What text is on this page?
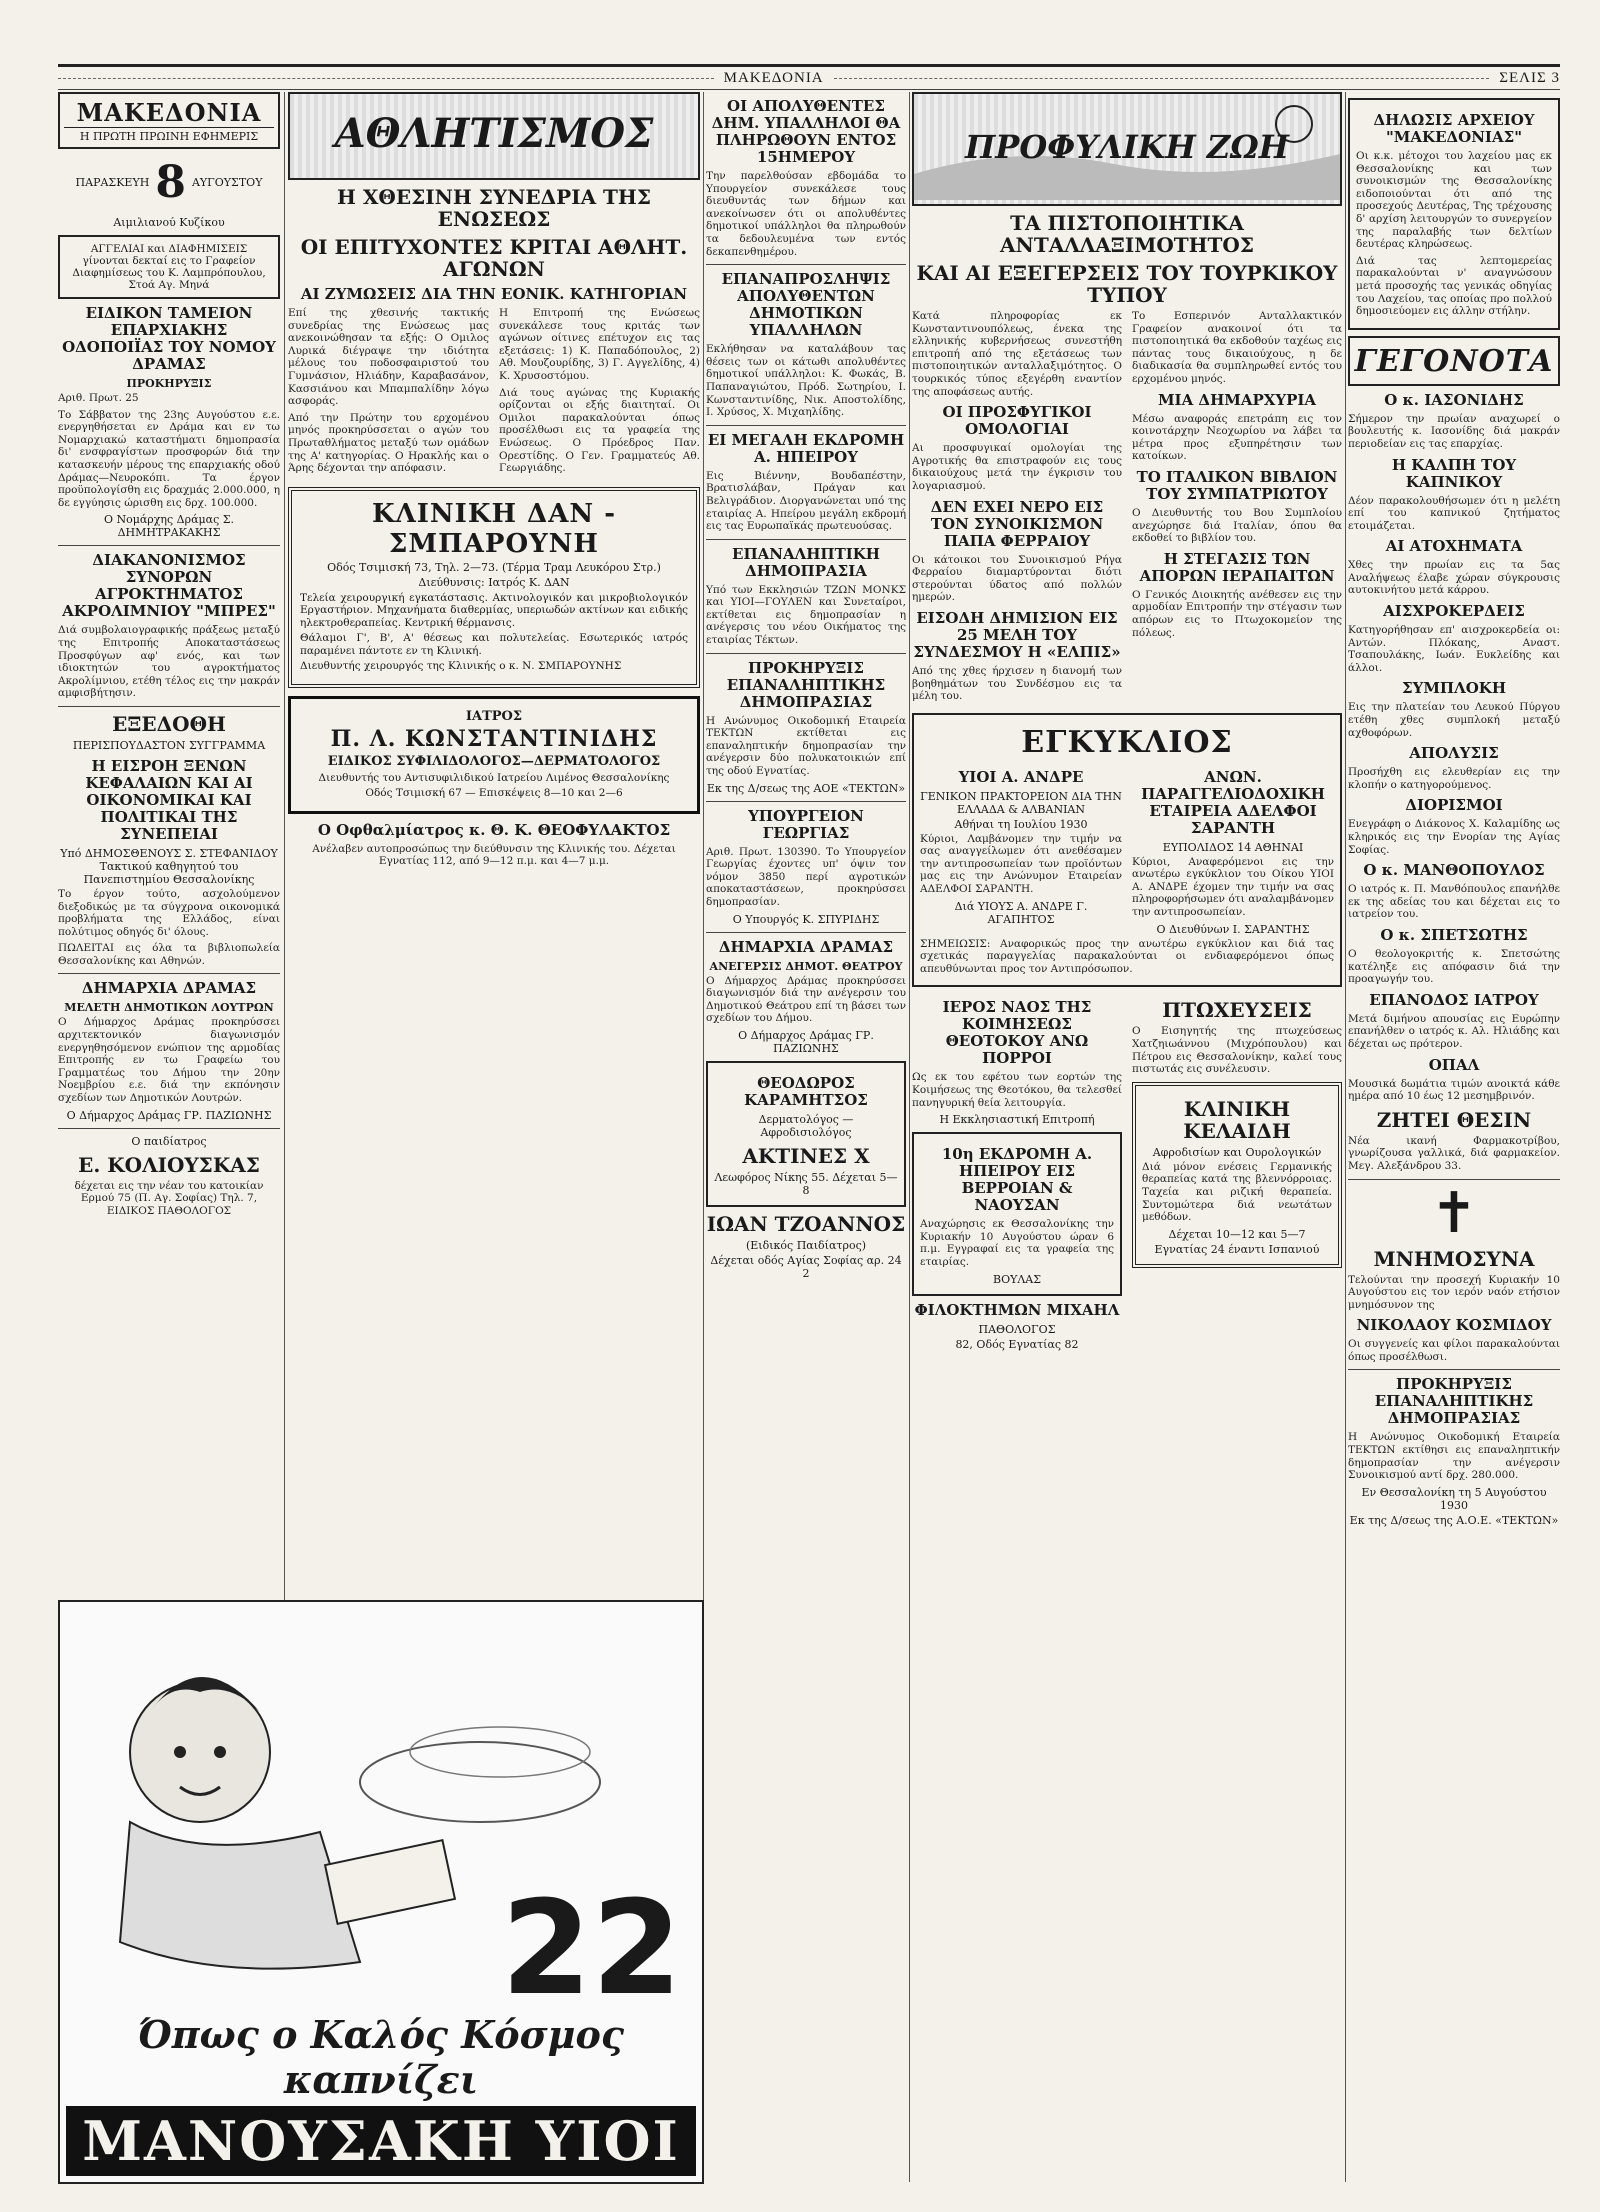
ΜΑΚΕΔΟΝΙΑ	ΣΕΛΙΣ 3
ΜΑΚΕΔΟΝΙΑ
Η ΠΡΩΤΗ ΠΡΩΙΝΗ ΕΦΗΜΕΡΙΣ
ΠΑΡΑΣΚΕΥΗ 8 ΑΥΓΟΥΣΤΟΥ
Αιμιλιανού Κυζίκου
ΑΓΓΕΛΙΑΙ και ΔΙΑΦΗΜΙΣΕΙΣ γίνονται δεκταί εις το Γραφείον Διαφημίσεως του Κ. Λαμπρόπουλου, Στοά Αγ. Μηνά
ΕΙΔΙΚΟΝ ΤΑΜΕΙΟΝ ΕΠΑΡΧΙΑΚΗΣ ΟΔΟΠΟΙΪΑΣ ΤΟΥ ΝΟΜΟΥ ΔΡΑΜΑΣ
ΠΡΟΚΗΡΥΞΙΣ

Αριθ. Πρωτ. 25

Το Σάββατον της 23ης Αυγούστου ε.ε. ενεργηθήσεται εν Δράμα και εν τω Νομαρχιακώ καταστήματι δημοπρασία δι' ενσφραγίστων προσφορών διά την κατασκευήν μέρους της επαρχιακής οδού Δράμας—Νευροκόπι. Τα έργον προϋπολογίσθη εις δραχμάς 2.000.000, η δε εγγύησις ώρισθη εις δρχ. 100.000.

Ο Νομάρχης Δράμας Σ. ΔΗΜΗΤΡΑΚΑΚΗΣ
ΔΙΑΚΑΝΟΝΙΣΜΟΣ ΣΥΝΟΡΩΝ ΑΓΡΟΚΤΗΜΑΤΟΣ ΑΚΡΟΛΙΜΝΙΟΥ "ΜΠΡΕΣ"

Διά συμβολαιογραφικής πράξεως μεταξύ της Επιτροπής Αποκαταστάσεως Προσφύγων αφ' ενός, και των ιδιοκτητών του αγροκτήματος Ακρολίμνιου, ετέθη τέλος εις την μακράν αμφισβήτησιν.

ΕΞΕΔΟΘΗ
ΠΕΡΙΣΠΟΥΔΑΣΤΟΝ ΣΥΓΓΡΑΜΜΑ
Η ΕΙΣΡΟΗ ΞΕΝΩΝ ΚΕΦΑΛΑΙΩΝ ΚΑΙ ΑΙ ΟΙΚΟΝΟΜΙΚΑΙ ΚΑΙ ΠΟΛΙΤΙΚΑΙ ΤΗΣ ΣΥΝΕΠΕΙΑΙ
Υπό ΔΗΜΟΣΘΕΝΟΥΣ Σ. ΣΤΕΦΑΝΙΔΟΥ Τακτικού καθηγητού του Πανεπιστημίου Θεσσαλονίκης

Το έργον τούτο, ασχολούμενον διεξοδικώς με τα σύγχρονα οικονομικά προβλήματα της Ελλάδος, είναι πολύτιμος οδηγός δι' όλους.

ΠΩΛΕΙΤΑΙ εις όλα τα βιβλιοπωλεία Θεσσαλονίκης και Αθηνών.

ΔΗΜΑΡΧΙΑ ΔΡΑΜΑΣ
ΜΕΛΕΤΗ ΔΗΜΟΤΙΚΩΝ ΛΟΥΤΡΩΝ

Ο Δήμαρχος Δράμας προκηρύσσει αρχιτεκτονικόν διαγωνισμόν ενεργηθησόμενον ενώπιον της αρμοδίας Επιτροπής εν τω Γραφείω του Γραμματέως του Δήμου την 20ην Νοεμβρίου ε.ε. διά την εκπόνησιν σχεδίων των Δημοτικών Λουτρών.

Ο Δήμαρχος Δράμας ΓΡ. ΠΑΖΙΩΝΗΣ
Ο παιδίατρος
Ε. ΚΟΛΙΟΥΣΚΑΣ

δέχεται εις την νέαν του κατοικίαν Ερμού 75 (Π. Αγ. Σοφίας) Τηλ. 7, ΕΙΔΙΚΟΣ ΠΑΘΟΛΟΓΟΣ

ΑΘΛΗΤΙΣΜΟΣ
Η ΧΘΕΣΙΝΗ ΣΥΝΕΔΡΙΑ ΤΗΣ ΕΝΩΣΕΩΣ
ΟΙ ΕΠΙΤΥΧΟΝΤΕΣ ΚΡΙΤΑΙ ΑΘΛΗΤ. ΑΓΩΝΩΝ
ΑΙ ΖΥΜΩΣΕΙΣ ΔΙΑ ΤΗΝ ΕΟΝΙΚ. ΚΑΤΗΓΟΡΙΑΝ

Επί της χθεσινής τακτικής συνεδρίας της Ενώσεως μας ανεκοινώθησαν τα εξής: Ο Ομιλος Λυρικά διέγραψε την ιδιότητα μέλους του ποδοσφαιριστού του Γυμνάσιον, Ηλιάδην, Καραβασάνον, Κασσιάνου και Μπαμπαλίδην λόγω ασφοράς.

Από την Πρώτην του ερχομένου μηνός προκηρύσσεται ο αγών του Πρωταθλήματος μεταξύ των ομάδων της Α' κατηγορίας. Ο Ηρακλής και ο Άρης δέχονται την απόφασιν.

Η Επιτροπή της Ενώσεως συνεκάλεσε τους κριτάς των αγώνων οίτινες επέτυχον εις τας εξετάσεις: 1) Κ. Παπαδόπουλος, 2) Αθ. Μουζουρίδης, 3) Γ. Αγγελίδης, 4) Κ. Χρυσοστόμου.

Διά τους αγώνας της Κυριακής ορίζονται οι εξής διαιτηταί. Οι Ομιλοι παρακαλούνται όπως προσέλθωσι εις τα γραφεία της Ενώσεως. Ο Πρόεδρος Παν. Ορεστίδης. Ο Γεν. Γραμματεύς Αθ. Γεωργιάδης.

ΚΛΙΝΙΚΗ ΔΑΝ - ΣΜΠΑΡΟΥΝΗ
Οδός Τσιμισκή 73, Τηλ. 2—73. (Τέρμα Τραμ Λευκόρου Στρ.)
Διεύθυνσις: Ιατρός Κ. ΔΑΝ

Τελεία χειρουργική εγκατάστασις. Ακτινολογικόν και μικροβιολογικόν Εργαστήριον. Μηχανήματα διαθερμίας, υπεριωδών ακτίνων και ειδικής ηλεκτροθεραπείας. Κεντρική θέρμανσις.

Θάλαμοι Γ', Β', Α' θέσεως και πολυτελείας. Εσωτερικός ιατρός παραμένει πάντοτε εν τη Κλινική.

Διευθυντής χειρουργός της Κλινικής ο κ. Ν. ΣΜΠΑΡΟΥΝΗΣ

ΙΑΤΡΟΣ
Π. Λ. ΚΩΝΣΤΑΝΤΙΝΙΔΗΣ
ΕΙΔΙΚΟΣ ΣΥΦΙΛΙΔΟΛΟΓΟΣ—ΔΕΡΜΑΤΟΛΟΓΟΣ

Διευθυντής του Αντισυφιλιδικού Ιατρείου Λιμένος Θεσσαλονίκης

Οδός Τσιμισκή 67 — Επισκέψεις 8—10 και 2—6

Ο Οφθαλμίατρος κ. Θ. Κ. ΘΕΟΦΥΛΑΚΤΟΣ

Ανέλαβεν αυτοπροσώπως την διεύθυνσιν της Κλινικής του. Δέχεται Εγνατίας 112, από 9—12 π.μ. και 4—7 μ.μ.

22
Όπως ο Καλός Κόσμος καπνίζει
ΜΑΝΟΥΣΑΚΗ ΥΙΟΙ
ΟΙ ΑΠΟΛΥΘΕΝΤΕΣ ΔΗΜ. ΥΠΑΛΛΗΛΟΙ ΘΑ ΠΛΗΡΩΘΟΥΝ ΕΝΤΟΣ 15ΗΜΕΡΟΥ

Την παρελθούσαν εβδομάδα το Υπουργείον συνεκάλεσε τους διευθυντάς των δήμων και ανεκοίνωσεν ότι οι απολυθέντες δημοτικοί υπάλληλοι θα πληρωθούν τα δεδουλευμένα των εντός δεκαπενθημέρου.

ΕΠΑΝΑΠΡΟΣΛΗΨΙΣ ΑΠΟΛΥΘΕΝΤΩΝ ΔΗΜΟΤΙΚΩΝ ΥΠΑΛΛΗΛΩΝ

Εκλήθησαν να καταλάβουν τας θέσεις των οι κάτωθι απολυθέντες δημοτικοί υπάλληλοι: Κ. Φωκάς, Β. Παπαναγιώτου, Πρόδ. Σωτηρίου, Ι. Κωνσταντινίδης, Νικ. Αποστολίδης, Ι. Χρύσος, Χ. Μιχαηλίδης.

ΕΙ ΜΕΓΑΛΗ ΕΚΔΡΟΜΗ Α. ΗΠΕΙΡΟΥ

Εις Βιέννην, Βουδαπέστην, Βρατισλάβαν, Πράγαν και Βελιγράδιον. Διοργανώνεται υπό της εταιρίας Α. Ηπείρου μεγάλη εκδρομή εις τας Ευρωπαϊκάς πρωτευούσας.

ΕΠΑΝΑΛΗΠΤΙΚΗ ΔΗΜΟΠΡΑΣΙΑ

Υπό των Εκκλησιών ΤΖΩΝ ΜΟΝΚΣ και ΥΙΟΙ—ΓΟΥΛΕΝ και Συνεταίροι, εκτίθεται εις δημοπρασίαν η ανέγερσις του νέου Οικήματος της εταιρίας Τέκτων.

ΠΡΟΚΗΡΥΞΙΣ ΕΠΑΝΑΛΗΠΤΙΚΗΣ ΔΗΜΟΠΡΑΣΙΑΣ

Η Ανώνυμος Οικοδομική Εταιρεία ΤΕΚΤΩΝ εκτίθεται εις επαναληπτικήν δημοπρασίαν την ανέγερσιν δύο πολυκατοικιών επί της οδού Εγνατίας.

Εκ της Δ/σεως της ΑΟΕ «ΤΕΚΤΩΝ»
ΥΠΟΥΡΓΕΙΟΝ ΓΕΩΡΓΙΑΣ

Αριθ. Πρωτ. 130390. Το Υπουργείον Γεωργίας έχοντες υπ' όψιν τον νόμον 3850 περί αγροτικών αποκαταστάσεων, προκηρύσσει δημοπρασίαν.

Ο Υπουργός Κ. ΣΠΥΡΙΔΗΣ
ΔΗΜΑΡΧΙΑ ΔΡΑΜΑΣ
ΑΝΕΓΕΡΣΙΣ ΔΗΜΟΤ. ΘΕΑΤΡΟΥ

Ο Δήμαρχος Δράμας προκηρύσσει διαγωνισμόν διά την ανέγερσιν του Δημοτικού Θεάτρου επί τη βάσει των σχεδίων του Δήμου.

Ο Δήμαρχος Δράμας ΓΡ. ΠΑΖΙΩΝΗΣ
ΘΕΟΔΩΡΟΣ ΚΑΡΑΜΗΤΣΟΣ
Δερματολόγος — Αφροδισιολόγος
ΑΚΤΙΝΕΣ Χ
Λεωφόρος Νίκης 55. Δέχεται 5—8
ΙΩΑΝ ΤΖΟΑΝΝΟΣ
(Ειδικός Παιδίατρος)
Δέχεται οδός Αγίας Σοφίας αρ. 24 2
ΠΡΟΦΥΛΙΚΗ ΖΩΗ
ΤΑ ΠΙΣΤΟΠΟΙΗΤΙΚΑ ΑΝΤΑΛΛΑΞΙΜΟΤΗΤΟΣ
ΚΑΙ ΑΙ ΕΞΕΓΕΡΣΕΙΣ ΤΟΥ ΤΟΥΡΚΙΚΟΥ ΤΥΠΟΥ

Κατά πληροφορίας εκ Κωνσταντινουπόλεως, ένεκα της ελληνικής κυβερνήσεως συνεστήθη επιτροπή από της εξετάσεως των πιστοποιητικών ανταλλαξιμότητος. Ο τουρκικός τύπος εξεγέρθη εναντίον της αποφάσεως αυτής.

ΟΙ ΠΡΟΣΦΥΓΙΚΟΙ ΟΜΟΛΟΓΙΑΙ

Αι προσφυγικαί ομολογίαι της Αγροτικής θα επιστραφούν εις τους δικαιούχους μετά την έγκρισιν του λογαριασμού.

ΔΕΝ ΕΧΕΙ ΝΕΡΟ ΕΙΣ ΤΟΝ ΣΥΝΟΙΚΙΣΜΟΝ ΠΑΠΑ ΦΕΡΡΑΙΟΥ

Οι κάτοικοι του Συνοικισμού Ρήγα Φερραίου διαμαρτύρονται διότι στερούνται ύδατος από πολλών ημερών.

ΕΙΣΟΔΗ ΔΗΜΙΣΙΟΝ ΕΙΣ 25 ΜΕΛΗ ΤΟΥ ΣΥΝΔΕΣΜΟΥ Η «ΕΛΠΙΣ»

Από της χθες ήρχισεν η διανομή των βοηθημάτων του Συνδέσμου εις τα μέλη του.

Το Εσπερινόν Ανταλλακτικόν Γραφείον ανακοινοί ότι τα πιστοποιητικά θα εκδοθούν ταχέως εις πάντας τους δικαιούχους, η δε διαδικασία θα συμπληρωθεί εντός του ερχομένου μηνός.

ΜΙΑ ΔΗΜΑΡΧΥΡΙΑ

Μέσω αναφοράς επετράπη εις τον κοινοτάρχην Νεοχωρίου να λάβει τα μέτρα προς εξυπηρέτησιν των κατοίκων.

ΤΟ ΙΤΑΛΙΚΟΝ ΒΙΒΛΙΟΝ ΤΟΥ ΣΥΜΠΑΤΡΙΩΤΟΥ

Ο Διευθυντής του Βου Συμπλοίου ανεχώρησε διά Ιταλίαν, όπου θα εκδοθεί το βιβλίον του.

Η ΣΤΕΓΑΣΙΣ ΤΩΝ ΑΠΟΡΩΝ ΙΕΡΑΠΑΙΤΩΝ

Ο Γενικός Διοικητής ανέθεσεν εις την αρμοδίαν Επιτροπήν την στέγασιν των απόρων εις το Πτωχοκομείον της πόλεως.

ΕΓΚΥΚΛΙΟΣ
ΥΙΟΙ Α. ΑΝΔΡΕ
ΓΕΝΙΚΟΝ ΠΡΑΚΤΟΡΕΙΟΝ ΔΙΑ ΤΗΝ ΕΛΛΑΔΑ & ΑΛΒΑΝΙΑΝ
Αθήναι τη Ιουλίου 1930

Κύριοι, Λαμβάνομεν την τιμήν να σας αναγγείλωμεν ότι ανεθέσαμεν την αντιπροσωπείαν των προϊόντων μας εις την Ανώνυμον Εταιρείαν ΑΔΕΛΦΟΙ ΣΑΡΑΝΤΗ.

Διά ΥΙΟΥΣ Α. ΑΝΔΡΕ Γ. ΑΓΑΠΗΤΟΣ
ΑΝΩΝ. ΠΑΡΑΓΓΕΛΙΟΔΟΧΙΚΗ ΕΤΑΙΡΕΙΑ ΑΔΕΛΦΟΙ ΣΑΡΑΝΤΗ
ΕΥΠΟΛΙΔΟΣ 14 ΑΘΗΝΑΙ

Κύριοι, Αναφερόμενοι εις την ανωτέρω εγκύκλιον του Οίκου ΥΙΟΙ Α. ΑΝΔΡΕ έχομεν την τιμήν να σας πληροφορήσωμεν ότι αναλαμβάνομεν την αντιπροσωπείαν.

Ο Διευθύνων Ι. ΣΑΡΑΝΤΗΣ

ΣΗΜΕΙΩΣΙΣ: Αναφορικώς προς την ανωτέρω εγκύκλιον και διά τας σχετικάς παραγγελίας παρακαλούνται οι ενδιαφερόμενοι όπως απευθύνωνται προς τον Αντιπρόσωπον.

ΙΕΡΟΣ ΝΑΟΣ ΤΗΣ ΚΟΙΜΗΣΕΩΣ ΘΕΟΤΟΚΟΥ ΑΝΩ ΠΟΡΡΟΙ

Ως εκ του εφέτου των εορτών της Κοιμήσεως της Θεοτόκου, θα τελεσθεί πανηγυρική θεία λειτουργία.

Η Εκκλησιαστική Επιτροπή
10η ΕΚΔΡΟΜΗ Α. ΗΠΕΙΡΟΥ ΕΙΣ ΒΕΡΡΟΙΑΝ & ΝΑΟΥΣΑΝ

Αναχώρησις εκ Θεσσαλονίκης την Κυριακήν 10 Αυγούστου ώραν 6 π.μ. Εγγραφαί εις τα γραφεία της εταιρίας.

ΒΟΥΛΑΣ
ΦΙΛΟΚΤΗΜΩΝ ΜΙΧΑΗΛ
ΠΑΘΟΛΟΓΟΣ
82, Οδός Εγνατίας 82
ΠΤΩΧΕΥΣΕΙΣ

Ο Εισηγητής της πτωχεύσεως Χατζηιωάννου (Μιχρόπουλου) και Πέτρου εις Θεσσαλονίκην, καλεί τους πιστωτάς εις συνέλευσιν.

ΚΛΙΝΙΚΗ ΚΕΛΑΙΔΗ
Αφροδισίων και Ουρολογικών

Διά μόνον ενέσεις Γερμανικής θεραπείας κατά της βλεννόρροιας. Ταχεία και ριζική θεραπεία. Συντομώτερα διά νεωτάτων μεθόδων.

Δέχεται 10—12 και 5—7
Εγνατίας 24 έναντι Ισπανιού
ΔΗΛΩΣΙΣ ΑΡΧΕΙΟΥ "ΜΑΚΕΔΟΝΙΑΣ"

Οι κ.κ. μέτοχοι του λαχείου μας εκ Θεσσαλονίκης και των συνοικισμών της Θεσσαλονίκης ειδοποιούνται ότι από της προσεχούς Δευτέρας, Της τρέχουσης δ' αρχίση λειτουργών το συνεργείον της παραλαβής των δελτίων δευτέρας κληρώσεως.

Διά τας λεπτομερείας παρακαλούνται ν' αναγνώσουν μετά προσοχής τας γενικάς οδηγίας του Λαχείου, τας οποίας προ πολλού δημοσιεύομεν εις άλλην στήλην.

ΓΕΓΟΝΟΤΑ
Ο κ. ΙΑΣΟΝΙΔΗΣ

Σήμερον την πρωίαν αναχωρεί ο βουλευτής κ. Ιασονίδης διά μακράν περιοδείαν εις τας επαρχίας.

Η ΚΑΛΠΗ ΤΟΥ ΚΑΠΝΙΚΟΥ

Δέον παρακολουθήσωμεν ότι η μελέτη επί του καπνικού ζητήματος ετοιμάζεται.

ΑΙ ΑΤΟΧΗΜΑΤΑ

Χθες την πρωίαν εις τα 5ας Αναλήψεως έλαβε χώραν σύγκρουσις αυτοκινήτου μετά κάρρου.

ΑΙΣΧΡΟΚΕΡΔΕΙΣ

Κατηγορήθησαν επ' αισχροκερδεία οι: Αντών. Πλόκαης, Αναστ. Τσαπουλάκης, Ιωάν. Ευκλείδης και άλλοι.

ΣΥΜΠΛΟΚΗ

Εις την πλατείαν του Λευκού Πύργου ετέθη χθες συμπλοκή μεταξύ αχθοφόρων.

ΑΠΟΛΥΣΙΣ

Προσήχθη εις ελευθερίαν εις την κλοπήν ο κατηγορούμενος.

ΔΙΟΡΙΣΜΟΙ

Ενεγράφη ο Διάκονος Χ. Καλαμίδης ως κληρικός εις την Ενορίαν της Αγίας Σοφίας.

Ο κ. ΜΑΝΘΟΠΟΥΛΟΣ

Ο ιατρός κ. Π. Μανθόπουλος επανήλθε εκ της αδείας του και δέχεται εις το ιατρείον του.

Ο κ. ΣΠΕΤΣΩΤΗΣ

Ο θεολογοκριτής κ. Σπετσώτης κατέληξε εις απόφασιν διά την προαγωγήν του.

ΕΠΑΝΟΔΟΣ ΙΑΤΡΟΥ

Μετά διμήνου απουσίας εις Ευρώπην επανήλθεν ο ιατρός κ. Αλ. Ηλιάδης και δέχεται ως πρότερον.

ΟΠΑΛ

Μουσικά δωμάτια τιμών ανοικτά κάθε ημέρα από 10 έως 12 μεσημβρινόν.

ΖΗΤΕΙ ΘΕΣΙΝ

Νέα ικανή Φαρμακοτρίβου, γνωρίζουσα γαλλικά, διά φαρμακείον. Μεγ. Αλεξάνδρου 33.

✝
ΜΝΗΜΟΣΥΝΑ

Τελούνται την προσεχή Κυριακήν 10 Αυγούστου εις τον ιερόν ναόν ετήσιον μνημόσυνον της

ΝΙΚΟΛΑΟΥ ΚΟΣΜΙΔΟΥ

Οι συγγενείς και φίλοι παρακαλούνται όπως προσέλθωσι.

ΠΡΟΚΗΡΥΞΙΣ ΕΠΑΝΑΛΗΠΤΙΚΗΣ ΔΗΜΟΠΡΑΣΙΑΣ

Η Ανώνυμος Οικοδομική Εταιρεία ΤΕΚΤΩΝ εκτίθησι εις επαναληπτικήν δημοπρασίαν την ανέγερσιν Συνοικισμού αντί δρχ. 280.000.

Εν Θεσσαλονίκη τη 5 Αυγούστου 1930
Εκ της Δ/σεως της Α.Ο.Ε. «ΤΕΚΤΩΝ»
